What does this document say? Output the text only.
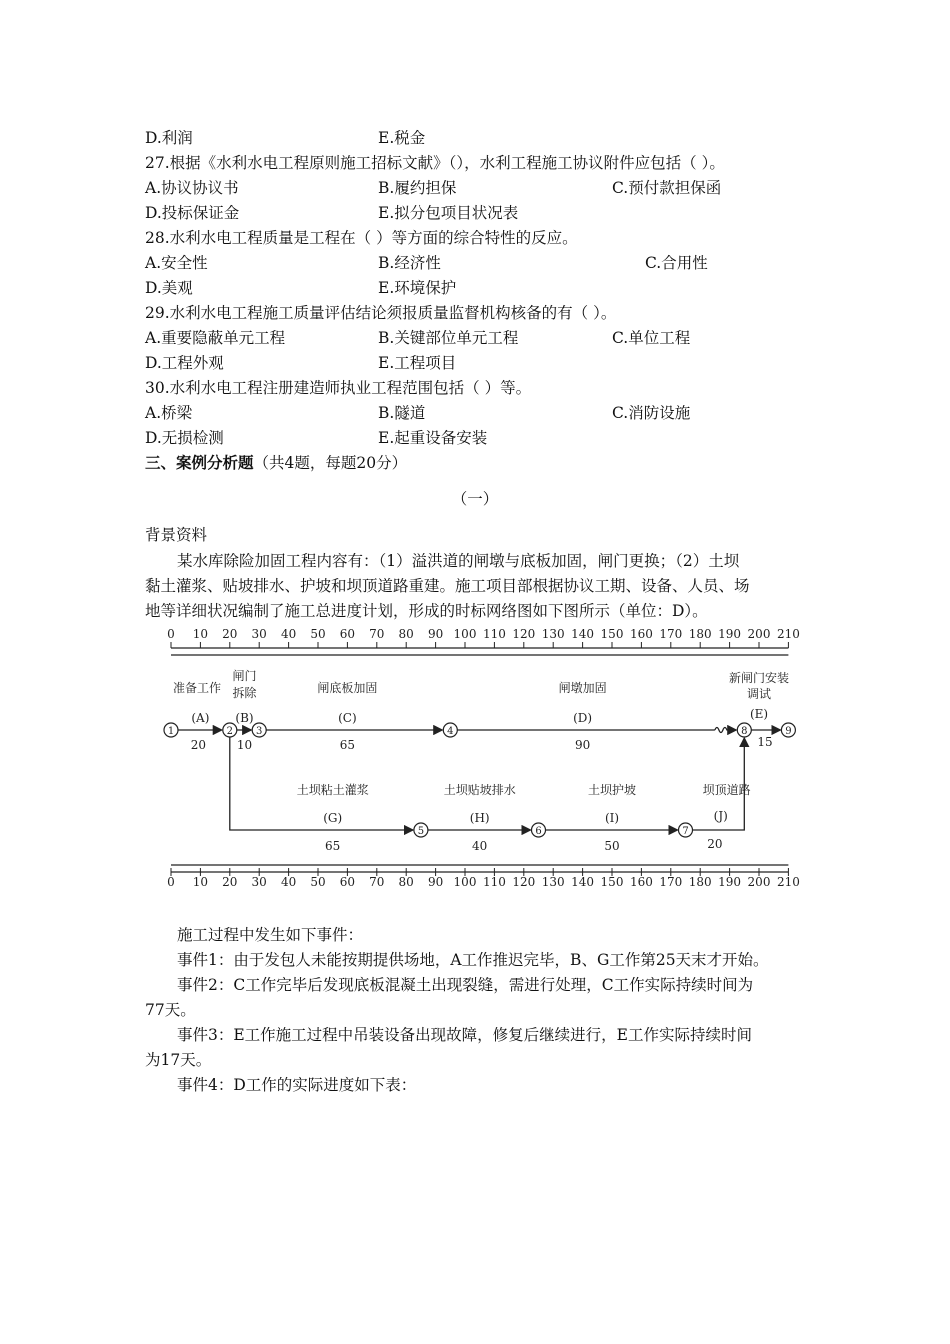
D.利润	E.税金
27.根据《水利水电工程原则施工招标文献》（），水利工程施工协议附件应包括（ ）。
A.协议协议书	B.履约担保	C.预付款担保函
D.投标保证金	E.拟分包项目状况表
28.水利水电工程质量是工程在（ ）等方面的综合特性的反应。
A.安全性	B.经济性	C.合用性
D.美观	E.环境保护
29.水利水电工程施工质量评估结论须报质量监督机构核备的有（ ）。
A.重要隐蔽单元工程	B.关键部位单元工程	C.单位工程
D.工程外观	E.工程项目
30.水利水电工程注册建造师执业工程范围包括（ ）等。
A.桥梁	B.隧道	C.消防设施
D.无损检测	E.起重设备安装
三、案例分析题（共4题，每题20分）
（一）
背景资料
某水库除险加固工程内容有：（1）溢洪道的闸墩与底板加固，闸门更换；（2）土坝
黏土灌浆、贴坡排水、护坡和坝顶道路重建。施工项目部根据协议工期、设备、人员、场
地等详细状况编制了施工总进度计划，形成的时标网络图如下图所示（单位：D）。
0 10 20 30 40 50 60 70 80 90 100 110 120 130 140 150 160 170 180 190 200 210
0 10 20 30 40 50 60 70 80 90 100 110 120 130 140 150 160 170 180 190 200 210
准备工作
(A)
20
闸门拆除
(B)
10
闸底板加固
(C)
65
闸墩加固
(D)
90
新闸门安装调试
(E)
15
土坝粘土灌浆
(G)
65
土坝贴坡排水
(H)
40
土坝护坡
(I)
50
坝顶道路
(J)
20
1	2 3	4
5	6	7
8	9
施工过程中发生如下事件：
事件1：由于发包人未能按期提供场地，A工作推迟完毕，B、G工作第25天末才开始。
事件2：C工作完毕后发现底板混凝土出现裂缝，需进行处理，C工作实际持续时间为
77天。
事件3：E工作施工过程中吊装设备出现故障，修复后继续进行，E工作实际持续时间
为17天。
事件4：D工作的实际进度如下表：
